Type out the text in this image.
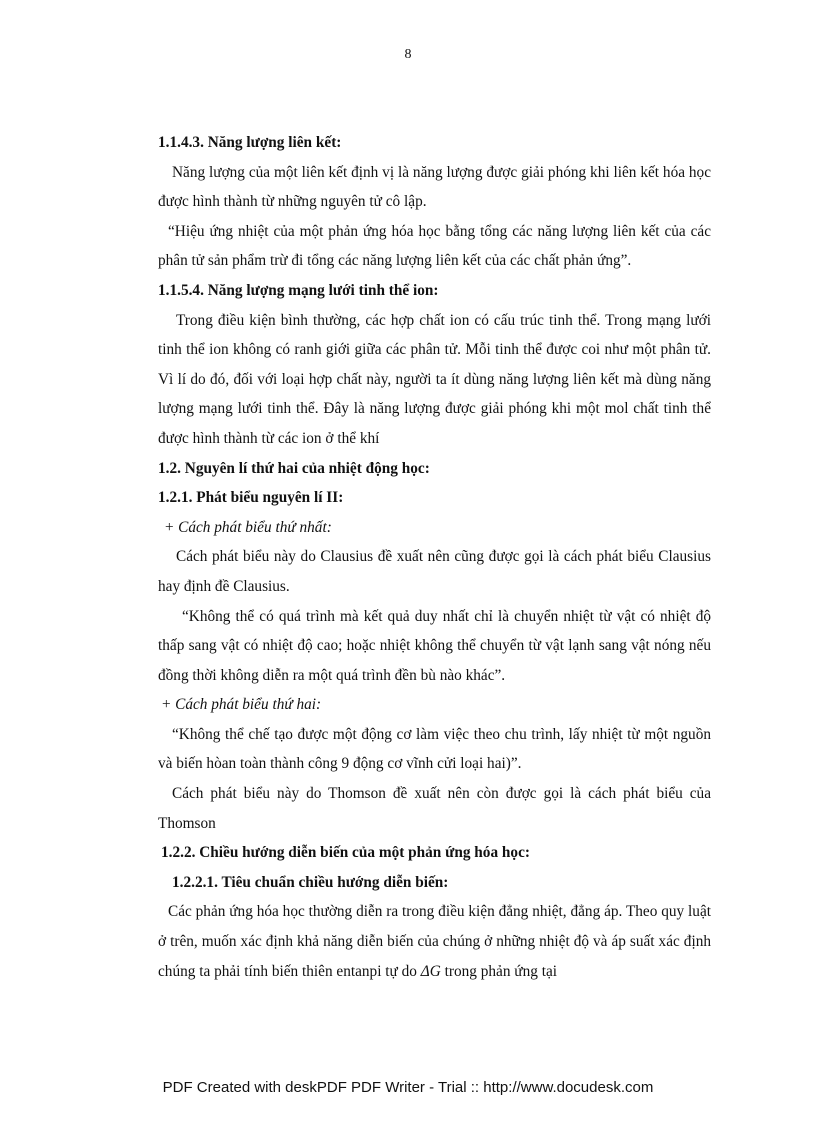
8

1.1.4.3. Năng lượng liên kết:

Năng lượng của một liên kết định vị là năng lượng được giải phóng khi liên kết hóa học được hình thành từ những nguyên tử cô lập.

“Hiệu ứng nhiệt của một phản ứng hóa học bằng tổng các năng lượng liên kết của các phân tử sản phẩm trừ đi tổng các năng lượng liên kết của các chất phản ứng”.

1.1.5.4. Năng lượng mạng lưới tinh thể ion:

Trong điều kiện bình thường, các hợp chất ion có cấu trúc tinh thể. Trong mạng lưới tinh thể ion không có ranh giới giữa các phân tử. Mỗi tinh thể được coi như một phân tử. Vì lí do đó, đối với loại hợp chất này, người ta ít dùng năng lượng liên kết mà dùng năng lượng mạng lưới tinh thể. Đây là năng lượng được giải phóng khi một mol chất tinh thể được hình thành từ các ion ở thể khí

1.2. Nguyên lí thứ hai của nhiệt động học:

1.2.1. Phát biểu nguyên lí II:

+ Cách phát biểu thứ nhất:

Cách phát biểu này do Clausius đề xuất nên cũng được gọi là cách phát biểu Clausius hay định đề Clausius.

“Không thể có quá trình mà kết quả duy nhất chỉ là chuyển nhiệt từ vật có nhiệt độ thấp sang vật có nhiệt độ cao; hoặc nhiệt không thể chuyển từ vật lạnh sang vật nóng nếu đồng thời không diễn ra một quá trình đền bù nào khác”.

+ Cách phát biểu thứ hai:

“Không thể chế tạo được một động cơ làm việc theo chu trình, lấy nhiệt từ một nguồn và biến hòan toàn thành công 9 động cơ vĩnh cửi loại hai)”.

Cách phát biểu này do Thomson đề xuất nên còn được gọi là cách phát biểu của Thomson

1.2.2. Chiều hướng diễn biến của một phản ứng hóa học:

1.2.2.1. Tiêu chuẩn chiều hướng diễn biến:

Các phản ứng hóa học thường diễn ra trong điều kiện đẳng nhiệt, đẳng áp. Theo quy luật ở trên, muốn xác định khả năng diễn biến của chúng ở những nhiệt độ và áp suất xác định chúng ta phải tính biến thiên entanpi tự do ΔG trong phản ứng tại

PDF Created with deskPDF PDF Writer - Trial :: http://www.docudesk.com
